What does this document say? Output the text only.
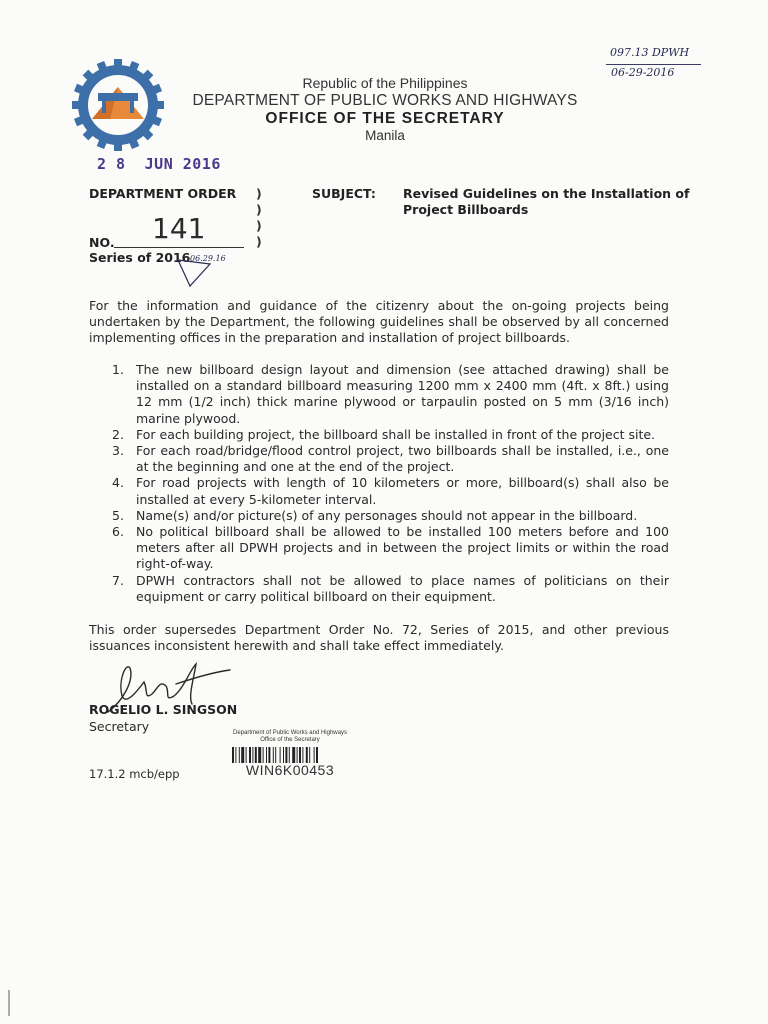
Republic of the Philippines
DEPARTMENT OF PUBLIC WORKS AND HIGHWAYS
OFFICE OF THE SECRETARY
Manila
097.13 DPWH
06-29-2016
2 8  JUN 2016
DEPARTMENT ORDER )
)
)
)
141
NO.
Series of 2016 06.29.16
SUBJECT: Revised Guidelines on the Installation of Project Billboards
For the information and guidance of the citizenry about the on-going projects being undertaken by the Department, the following guidelines shall be observed by all concerned implementing offices in the preparation and installation of project billboards.
1. The new billboard design layout and dimension (see attached drawing) shall be installed on a standard billboard measuring 1200 mm x 2400 mm (4ft. x 8ft.) using 12 mm (1/2 inch) thick marine plywood or tarpaulin posted on 5 mm (3/16 inch) marine plywood.
2. For each building project, the billboard shall be installed in front of the project site.
3. For each road/bridge/flood control project, two billboards shall be installed, i.e., one at the beginning and one at the end of the project.
4. For road projects with length of 10 kilometers or more, billboard(s) shall also be installed at every 5-kilometer interval.
5. Name(s) and/or picture(s) of any personages should not appear in the billboard.
6. No political billboard shall be allowed to be installed 100 meters before and 100 meters after all DPWH projects and in between the project limits or within the road right-of-way.
7. DPWH contractors shall not be allowed to place names of politicians on their equipment or carry political billboard on their equipment.
This order supersedes Department Order No. 72, Series of 2015, and other previous issuances inconsistent herewith and shall take effect immediately.
ROGELIO L. SINGSON
Secretary	Department of Public Works and Highways
Office of the Secretary
WIN6K00453
17.1.2 mcb/epp
